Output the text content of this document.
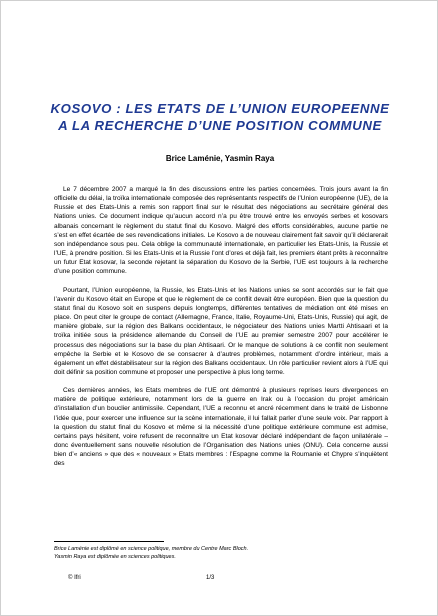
KOSOVO : LES ETATS DE L’UNION EUROPEENNE
A LA RECHERCHE D’UNE POSITION COMMUNE
Brice Laménie, Yasmin Raya

Le 7 décembre 2007 a marqué la fin des discussions entre les parties concernées. Trois jours avant la fin officielle du délai, la troïka internationale composée des représentants respectifs de l’Union européenne (UE), de la Russie et des Etats-Unis a remis son rapport final sur le résultat des négociations au secrétaire général des Nations unies. Ce document indique qu’aucun accord n’a pu être trouvé entre les envoyés serbes et kosovars albanais concernant le règlement du statut final du Kosovo. Malgré des efforts considérables, aucune partie ne s’est en effet écartée de ses revendications initiales. Le Kosovo a de nouveau clairement fait savoir qu’il déclarerait son indépendance sous peu. Cela oblige la communauté internationale, en particulier les Etats-Unis, la Russie et l’UE, à prendre position. Si les Etats-Unis et la Russie l’ont d’ores et déjà fait, les premiers étant prêts à reconnaître un futur Etat kosovar, la seconde rejetant la séparation du Kosovo de la Serbie, l’UE est toujours à la recherche d’une position commune.

Pourtant, l’Union européenne, la Russie, les Etats-Unis et les Nations unies se sont accordés sur le fait que l’avenir du Kosovo était en Europe et que le règlement de ce conflit devait être européen. Bien que la question du statut final du Kosovo soit en suspens depuis longtemps, différentes tentatives de médiation ont été mises en place. On peut citer le groupe de contact (Allemagne, France, Italie, Royaume-Uni, Etats-Unis, Russie) qui agit, de manière globale, sur la région des Balkans occidentaux, le négociateur des Nations unies Martti Ahtisaari et la troïka initiée sous la présidence allemande du Conseil de l’UE au premier semestre 2007 pour accélérer le processus des négociations sur la base du plan Ahtisaari. Or le manque de solutions à ce conflit non seulement empêche la Serbie et le Kosovo de se consacrer à d’autres problèmes, notamment d’ordre intérieur, mais a également un effet déstabilisateur sur la région des Balkans occidentaux. Un rôle particulier revient alors à l’UE qui doit définir sa position commune et proposer une perspective à plus long terme.

Ces dernières années, les Etats membres de l’UE ont démontré à plusieurs reprises leurs divergences en matière de politique extérieure, notamment lors de la guerre en Irak ou à l’occasion du projet américain d’installation d’un bouclier antimissile. Cependant, l’UE a reconnu et ancré récemment dans le traité de Lisbonne l’idée que, pour exercer une influence sur la scène internationale, il lui fallait parler d’une seule voix. Par rapport à la question du statut final du Kosovo et même si la nécessité d’une politique extérieure commune est admise, certains pays hésitent, voire refusent de reconnaître un Etat kosovar déclaré indépendant de façon unilatérale – donc éventuellement sans nouvelle résolution de l’Organisation des Nations unies (ONU). Cela concerne aussi bien d’« anciens » que des « nouveaux » Etats membres : l’Espagne comme la Roumanie et Chypre s’inquiètent des

Brice Laménie est diplômé en science politique, membre du Centre Marc Bloch.
Yasmin Raya est diplômée en sciences politiques.
© Ifri	1/3
